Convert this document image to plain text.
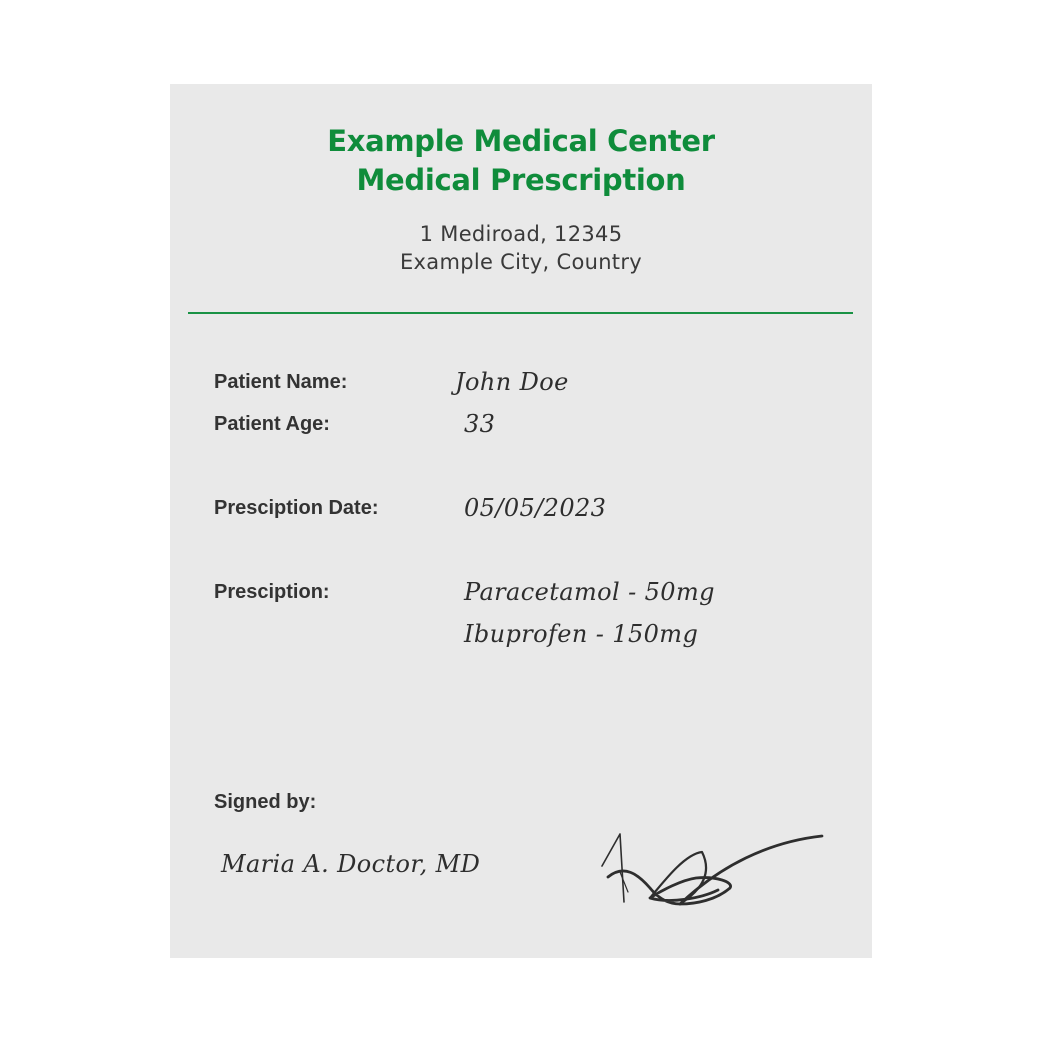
Example Medical Center
Medical Prescription
1 Mediroad, 12345
Example City, Country
Patient Name:	John Doe
Patient Age:	33
Presciption Date:	05/05/2023
Presciption:	Paracetamol - 50mg
Ibuprofen - 150mg
Signed by:
Maria A. Doctor, MD
